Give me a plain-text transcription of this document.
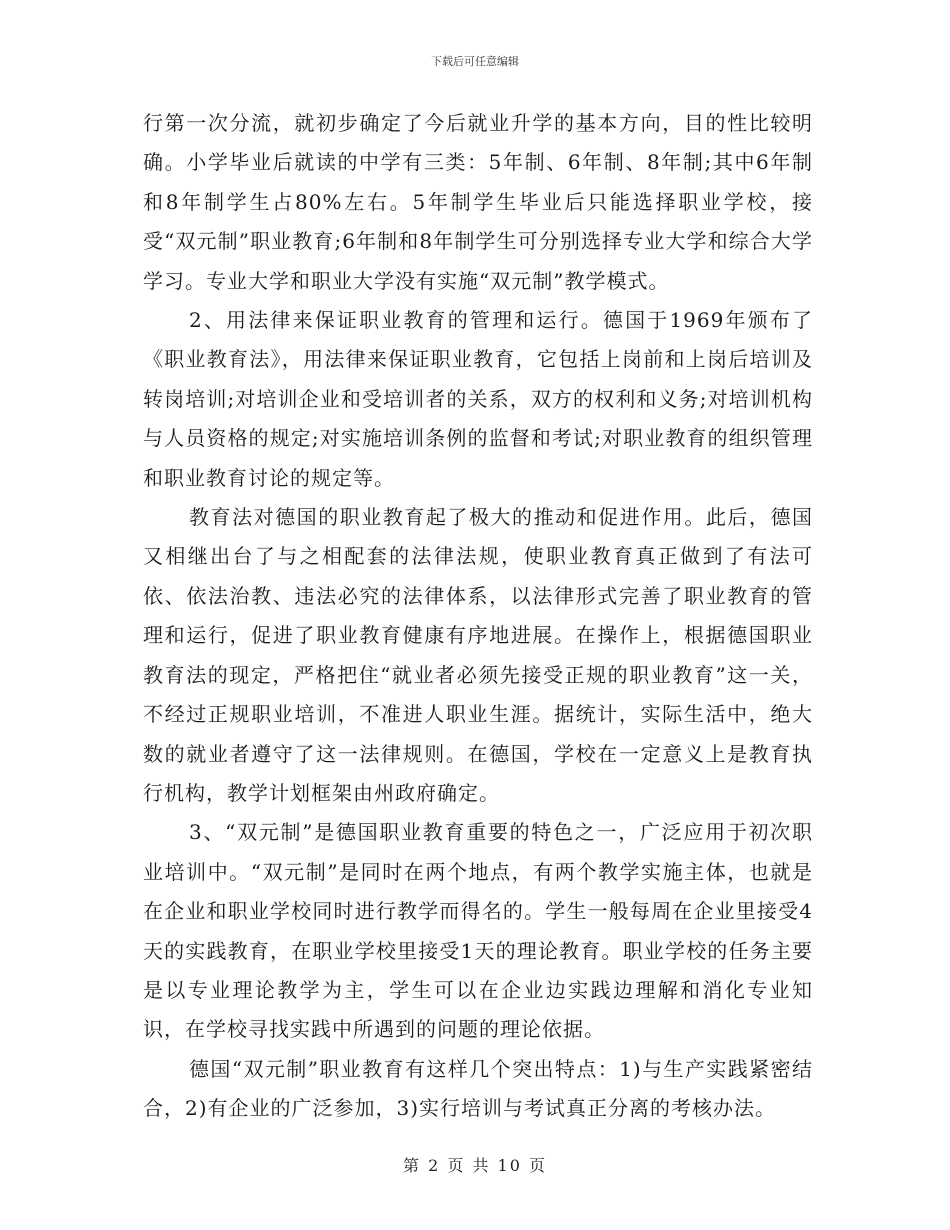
下载后可任意编辑

行第一次分流，就初步确定了今后就业升学的基本方向，目的性比较明确。小学毕业后就读的中学有三类：5年制、6年制、8年制;其中6年制和8年制学生占80%左右。5年制学生毕业后只能选择职业学校，接受“双元制”职业教育;6年制和8年制学生可分别选择专业大学和综合大学学习。专业大学和职业大学没有实施“双元制”教学模式。

2、用法律来保证职业教育的管理和运行。德国于1969年颁布了《职业教育法》，用法律来保证职业教育，它包括上岗前和上岗后培训及转岗培训;对培训企业和受培训者的关系，双方的权利和义务;对培训机构与人员资格的规定;对实施培训条例的监督和考试;对职业教育的组织管理和职业教育讨论的规定等。

教育法对德国的职业教育起了极大的推动和促进作用。此后，德国又相继出台了与之相配套的法律法规，使职业教育真正做到了有法可依、依法治教、违法必究的法律体系，以法律形式完善了职业教育的管理和运行，促进了职业教育健康有序地进展。在操作上，根据德国职业教育法的现定，严格把住“就业者必须先接受正规的职业教育”这一关，不经过正规职业培训，不准进人职业生涯。据统计，实际生活中，绝大数的就业者遵守了这一法律规则。在德国，学校在一定意义上是教育执行机构，教学计划框架由州政府确定。

3、“双元制”是德国职业教育重要的特色之一，广泛应用于初次职业培训中。“双元制”是同时在两个地点，有两个教学实施主体，也就是在企业和职业学校同时进行教学而得名的。学生一般每周在企业里接受4天的实践教育，在职业学校里接受1天的理论教育。职业学校的任务主要是以专业理论教学为主，学生可以在企业边实践边理解和消化专业知识，在学校寻找实践中所遇到的问题的理论依据。

德国“双元制”职业教育有这样几个突出特点：1)与生产实践紧密结合，2)有企业的广泛参加，3)实行培训与考试真正分离的考核办法。

第 2 页 共 10 页
